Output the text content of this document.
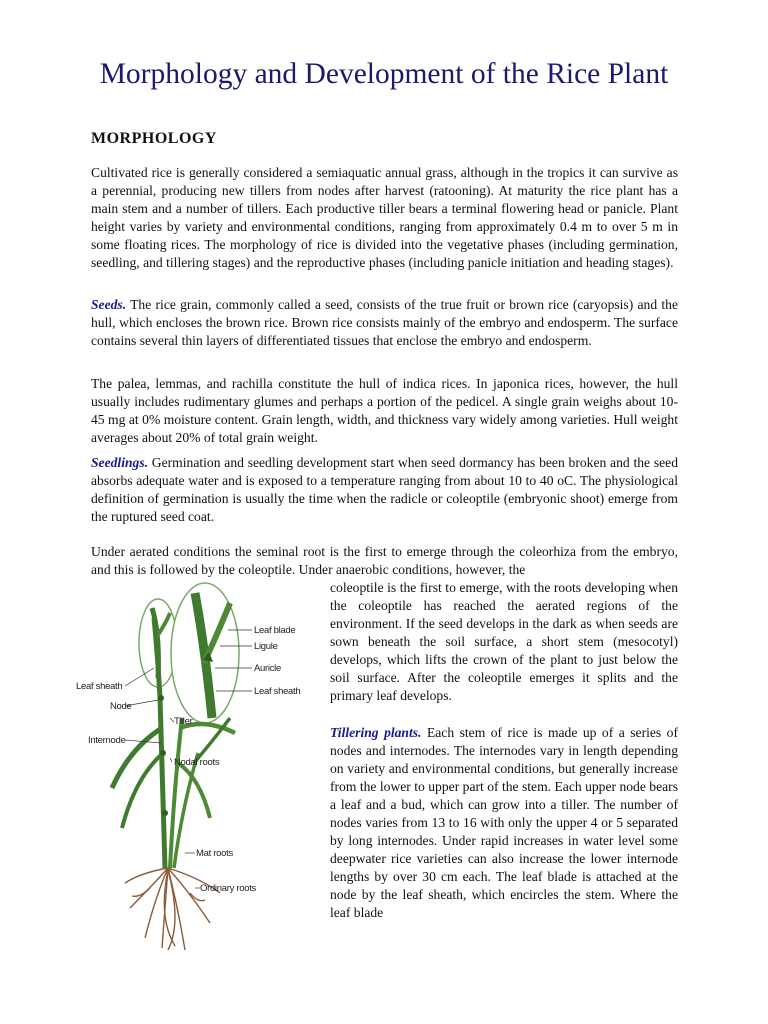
Morphology and Development of the Rice Plant
MORPHOLOGY

Cultivated rice is generally considered a semiaquatic annual grass, although in the tropics it can survive as a perennial, producing new tillers from nodes after harvest (ratooning). At maturity the rice plant has a main stem and a number of tillers. Each productive tiller bears a terminal flowering head or panicle. Plant height varies by variety and environmental conditions, ranging from approximately 0.4 m to over 5 m in some floating rices. The morphology of rice is divided into the vegetative phases (including germination, seedling, and tillering stages) and the reproductive phases (including panicle initiation and heading stages).

Seeds. The rice grain, commonly called a seed, consists of the true fruit or brown rice (caryopsis) and the hull, which encloses the brown rice. Brown rice consists mainly of the embryo and endosperm. The surface contains several thin layers of differentiated tissues that enclose the embryo and endosperm.

The palea, lemmas, and rachilla constitute the hull of indica rices. In japonica rices, however, the hull usually includes rudimentary glumes and perhaps a portion of the pedicel. A single grain weighs about 10-45 mg at 0% moisture content. Grain length, width, and thickness vary widely among varieties. Hull weight averages about 20% of total grain weight.

Seedlings. Germination and seedling development start when seed dormancy has been broken and the seed absorbs adequate water and is exposed to a temperature ranging from about 10 to 40 oC. The physiological definition of germination is usually the time when the radicle or coleoptile (embryonic shoot) emerge from the ruptured seed coat.

Under aerated conditions the seminal root is the first to emerge through the coleorhiza from the embryo, and this is followed by the coleoptile. Under anaerobic conditions, however, the

coleoptile is the first to emerge, with the roots developing when the coleoptile has reached the aerated regions of the environment. If the seed develops in the dark as when seeds are sown beneath the soil surface, a short stem (mesocotyl) develops, which lifts the crown of the plant to just below the soil surface. After the coleoptile emerges it splits and the primary leaf develops.

Tillering plants. Each stem of rice is made up of a series of nodes and internodes. The internodes vary in length depending on variety and environmental conditions, but generally increase from the lower to upper part of the stem. Each upper node bears a leaf and a bud, which can grow into a tiller. The number of nodes varies from 13 to 16 with only the upper 4 or 5 separated by long internodes. Under rapid increases in water level some deepwater rice varieties can also increase the lower internode lengths by over 30 cm each. The leaf blade is attached at the node by the leaf sheath, which encircles the stem. Where the leaf blade

Leaf blade
Ligule
Auricle
Leaf sheath
Leaf sheath
Node
Tiller
Internode
Nodal roots
Mat roots
Ordinary roots
